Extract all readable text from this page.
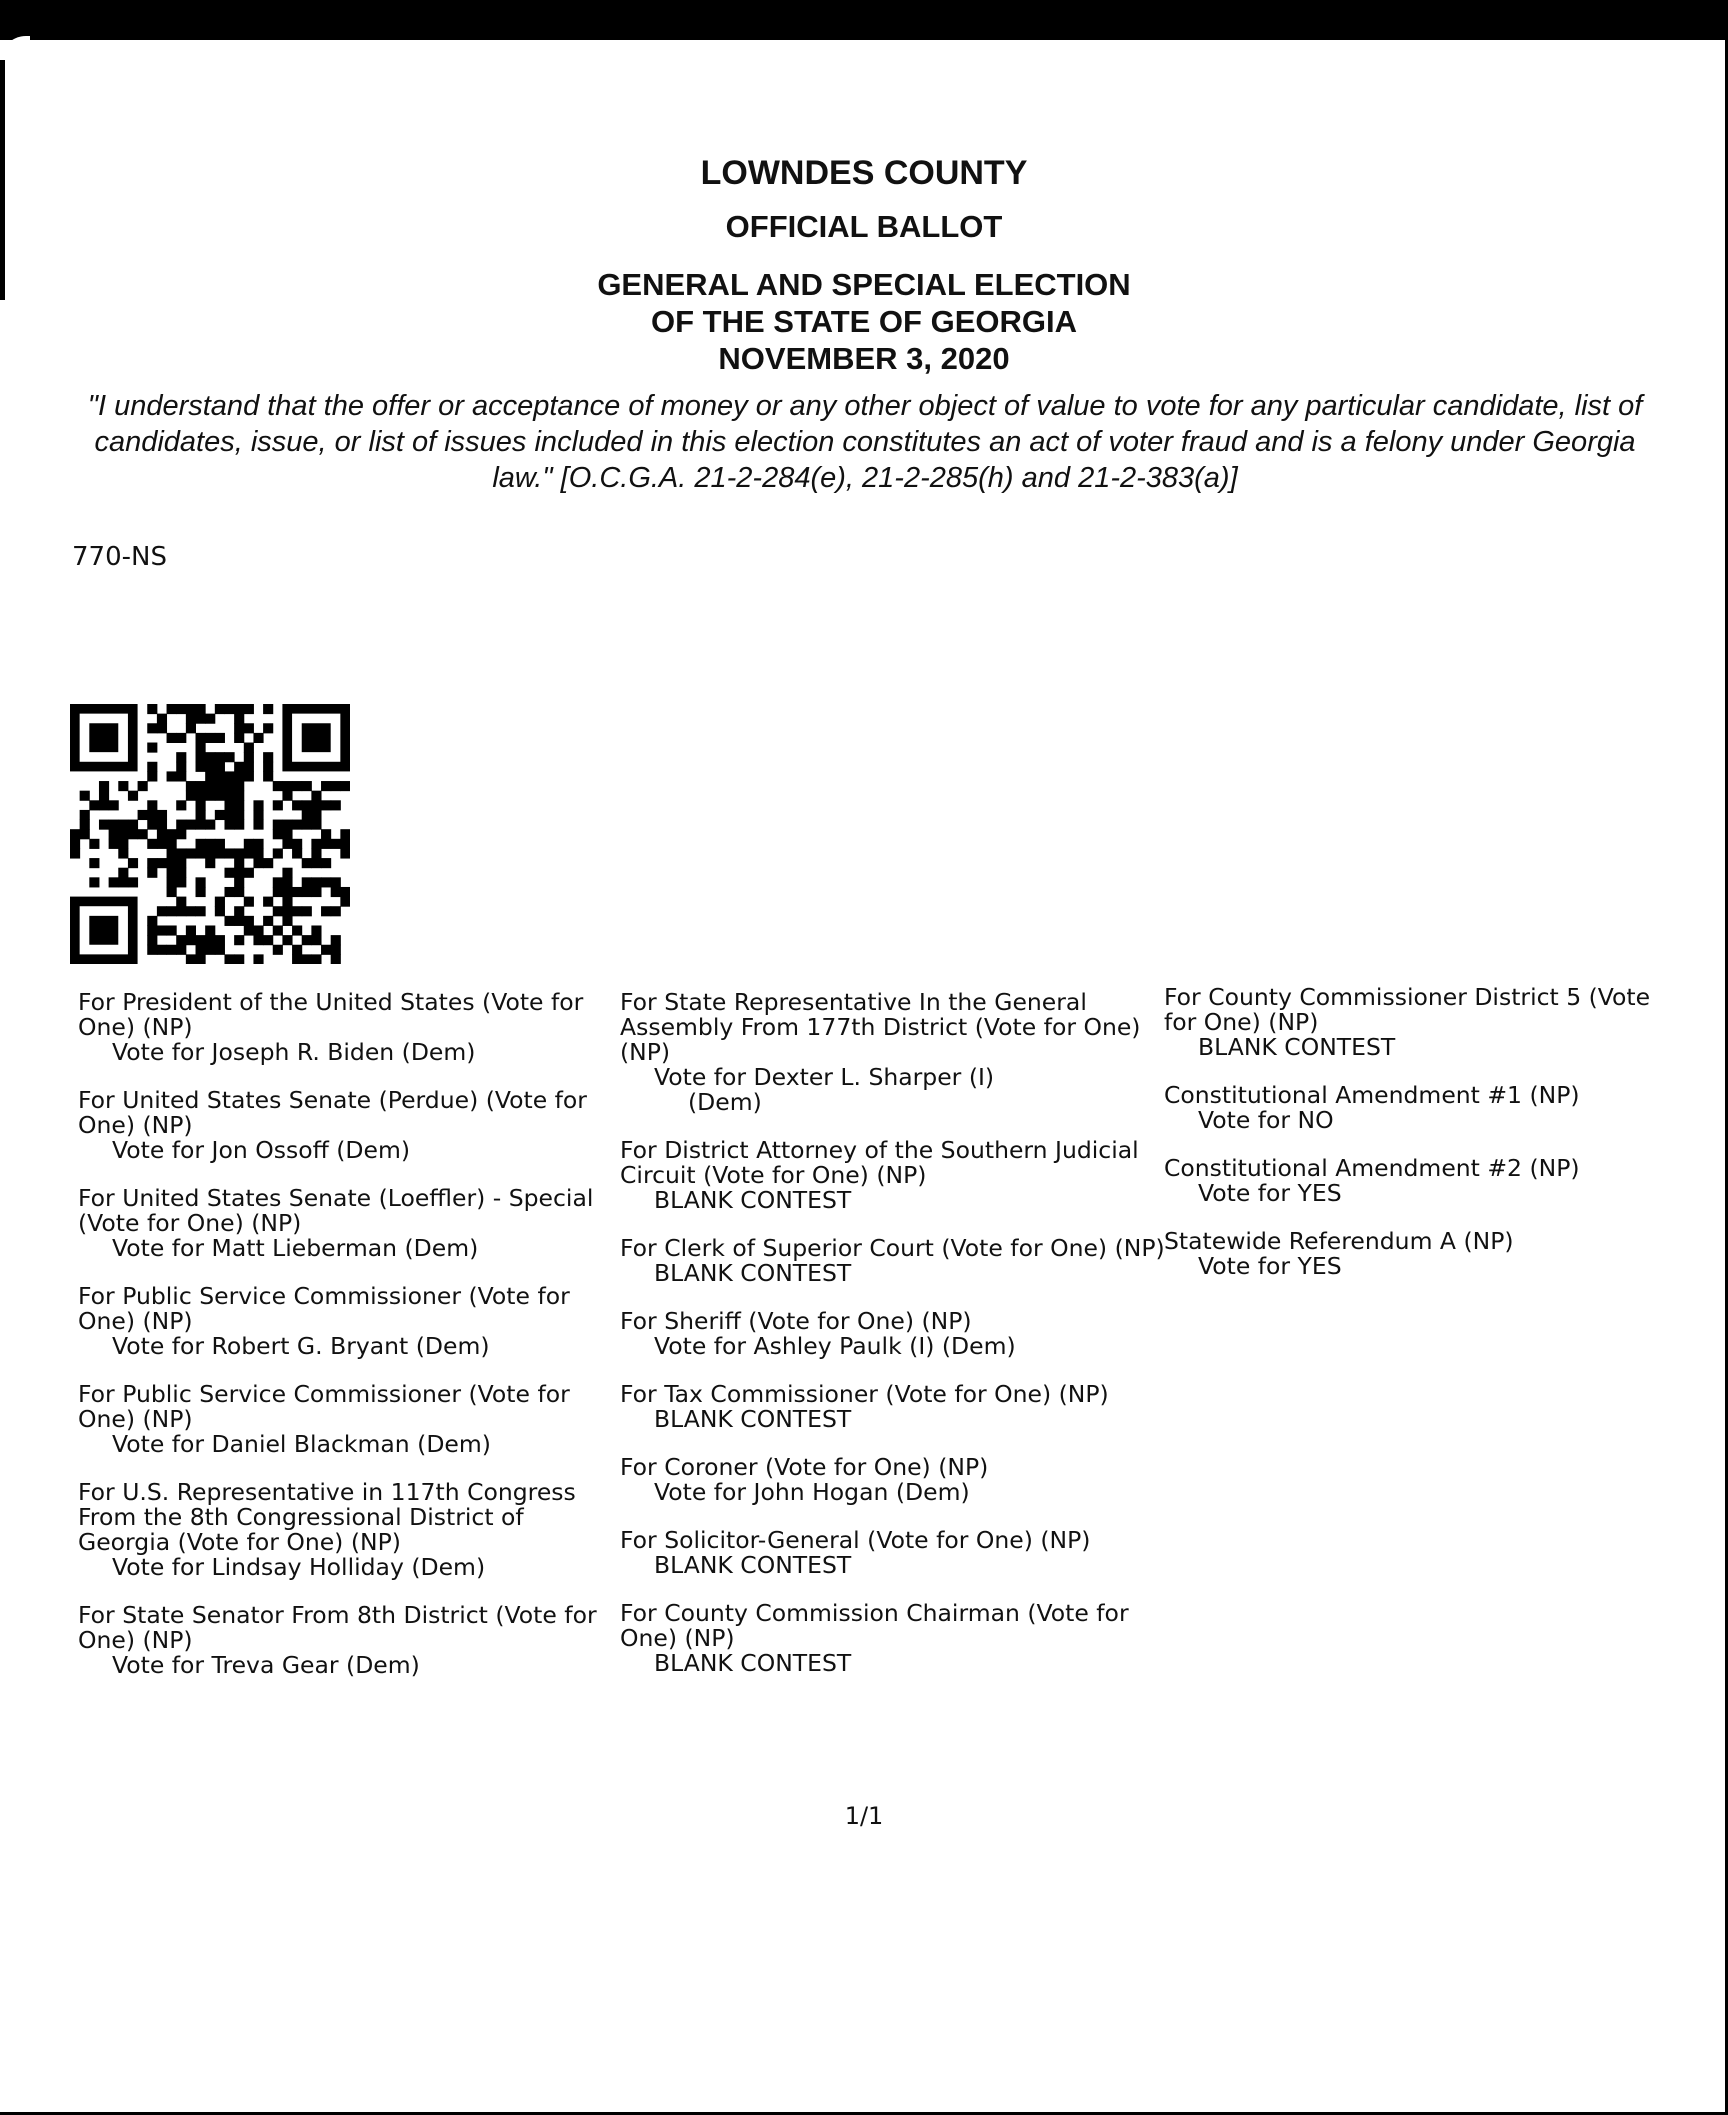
LOWNDES COUNTY
OFFICIAL BALLOT
GENERAL AND SPECIAL ELECTION
OF THE STATE OF GEORGIA
NOVEMBER 3, 2020
"I understand that the offer or acceptance of money or any other object of value to vote for any particular candidate, list of candidates, issue, or list of issues included in this election constitutes an act of voter fraud and is a felony under Georgia law." [O.C.G.A. 21-2-284(e), 21-2-285(h) and 21-2-383(a)]
770-NS
For President of the United States (Vote for One) (NP)
Vote for Joseph R. Biden (Dem)
For United States Senate (Perdue) (Vote for One) (NP)
Vote for Jon Ossoff (Dem)
For United States Senate (Loeffler) - Special (Vote for One) (NP)
Vote for Matt Lieberman (Dem)
For Public Service Commissioner (Vote for One) (NP)
Vote for Robert G. Bryant (Dem)
For Public Service Commissioner (Vote for One) (NP)
Vote for Daniel Blackman (Dem)
For U.S. Representative in 117th Congress From the 8th Congressional District of Georgia (Vote for One) (NP)
Vote for Lindsay Holliday (Dem)
For State Senator From 8th District (Vote for One) (NP)
Vote for Treva Gear (Dem)
For State Representative In the General Assembly From 177th District (Vote for One) (NP)
Vote for Dexter L. Sharper (I)
(Dem)
For District Attorney of the Southern Judicial Circuit (Vote for One) (NP)
BLANK CONTEST
For Clerk of Superior Court (Vote for One) (NP)
BLANK CONTEST
For Sheriff (Vote for One) (NP)
Vote for Ashley Paulk (I) (Dem)
For Tax Commissioner (Vote for One) (NP)
BLANK CONTEST
For Coroner (Vote for One) (NP)
Vote for John Hogan (Dem)
For Solicitor-General (Vote for One) (NP)
BLANK CONTEST
For County Commission Chairman (Vote for One) (NP)
BLANK CONTEST
For County Commissioner District 5 (Vote for One) (NP)
BLANK CONTEST
Constitutional Amendment #1 (NP)
Vote for NO
Constitutional Amendment #2 (NP)
Vote for YES
Statewide Referendum A (NP)
Vote for YES
1/1
